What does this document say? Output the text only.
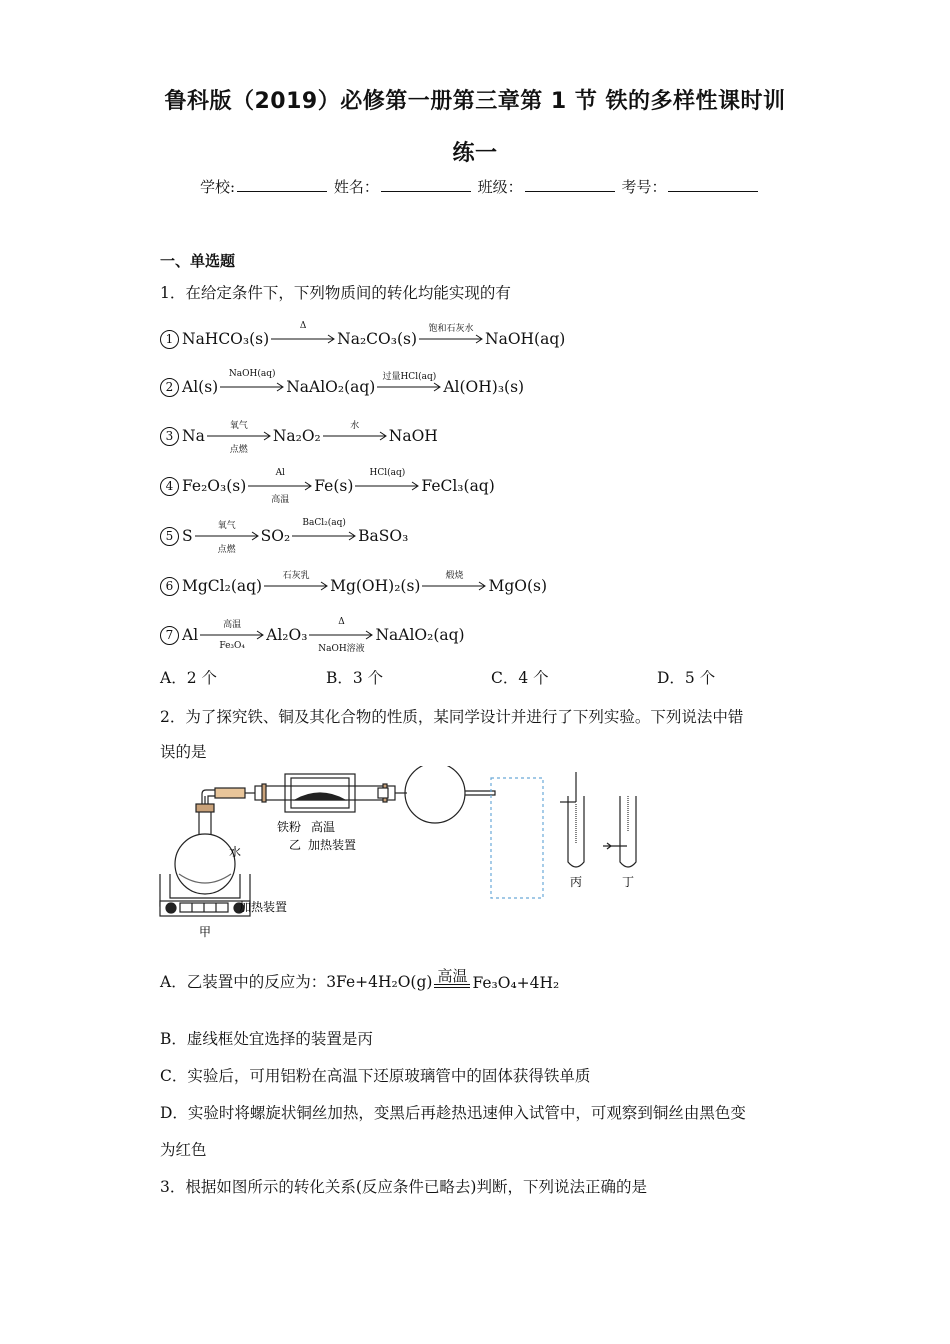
鲁科版（2019）必修第一册第三章第 1 节 铁的多样性课时训
练一
学校:	姓名：	班级：	考号：
一、单选题
1．在给定条件下，下列物质间的转化均能实现的有
1 NaHCO₃(s)
Δ
Na₂CO₃(s)
饱和石灰水
NaOH(aq)
2 Al(s)
NaOH(aq)
NaAlO₂(aq)
过量HCl(aq)
Al(OH)₃(s)
3 Na
氧气
点燃
Na₂O₂
水
NaOH
4 Fe₂O₃(s)
Al
高温
Fe(s)
HCl(aq)
FeCl₃(aq)
5 S
氧气
点燃
SO₂
BaCl₂(aq)
BaSO₃
6 MgCl₂(aq)
石灰乳
Mg(OH)₂(s)
煅烧
MgO(s)
7 Al
高温
Fe₃O₄
Al₂O₃
Δ
NaOH溶液
NaAlO₂(aq)
A．2 个	B．3 个	C．4 个	D．5 个
2．为了探究铁、铜及其化合物的性质，某同学设计并进行了下列实验。下列说法中错
误的是
铁粉 高温
乙 加热装置
水
加热装置
甲
丙	丁
A．乙装置中的反应为：3Fe+4H₂O(g) 高温 Fe₃O₄+4H₂
B．虚线框处宜选择的装置是丙
C．实验后，可用铝粉在高温下还原玻璃管中的固体获得铁单质
D．实验时将螺旋状铜丝加热，变黑后再趁热迅速伸入试管中，可观察到铜丝由黑色变
为红色
3．根据如图所示的转化关系(反应条件已略去)判断，下列说法正确的是
